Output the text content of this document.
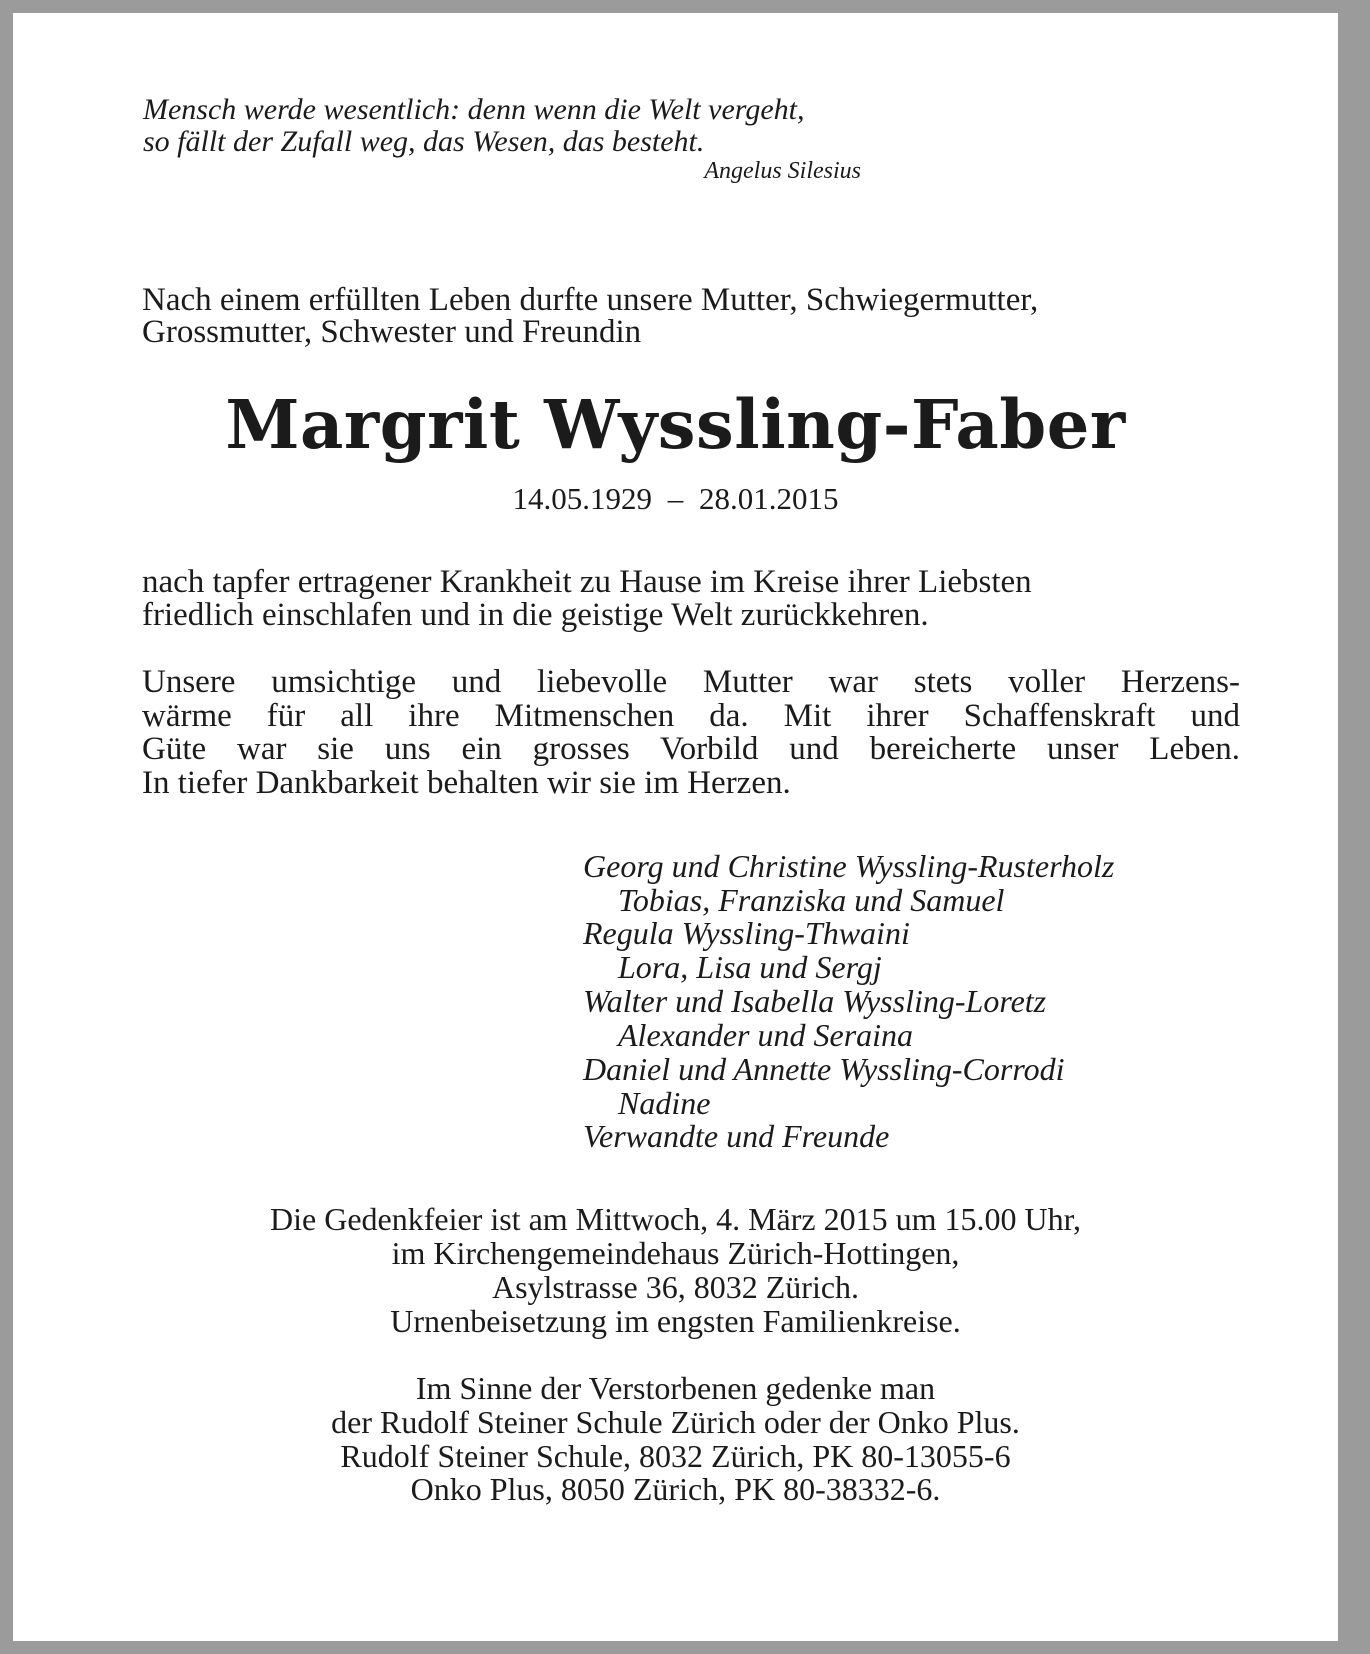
Mensch werde wesentlich: denn wenn die Welt vergeht,
so fällt der Zufall weg, das Wesen, das besteht.
Angelus Silesius
Nach einem erfüllten Leben durfte unsere Mutter, Schwiegermutter,
Grossmutter, Schwester und Freundin
Margrit Wyssling-Faber
14.05.1929 – 28.01.2015
nach tapfer ertragener Krankheit zu Hause im Kreise ihrer Liebsten
friedlich einschlafen und in die geistige Welt zurückkehren.
Unsere umsichtige und liebevolle Mutter war stets voller Herzens-
wärme für all ihre Mitmenschen da. Mit ihrer Schaffenskraft und
Güte war sie uns ein grosses Vorbild und bereicherte unser Leben.
In tiefer Dankbarkeit behalten wir sie im Herzen.
Georg und Christine Wyssling-Rusterholz
Tobias, Franziska und Samuel
Regula Wyssling-Thwaini
Lora, Lisa und Sergj
Walter und Isabella Wyssling-Loretz
Alexander und Seraina
Daniel und Annette Wyssling-Corrodi
Nadine
Verwandte und Freunde
Die Gedenkfeier ist am Mittwoch, 4. März 2015 um 15.00 Uhr,
im Kirchengemeindehaus Zürich-Hottingen,
Asylstrasse 36, 8032 Zürich.
Urnenbeisetzung im engsten Familienkreise.
Im Sinne der Verstorbenen gedenke man
der Rudolf Steiner Schule Zürich oder der Onko Plus.
Rudolf Steiner Schule, 8032 Zürich, PK 80-13055-6
Onko Plus, 8050 Zürich, PK 80-38332-6.
